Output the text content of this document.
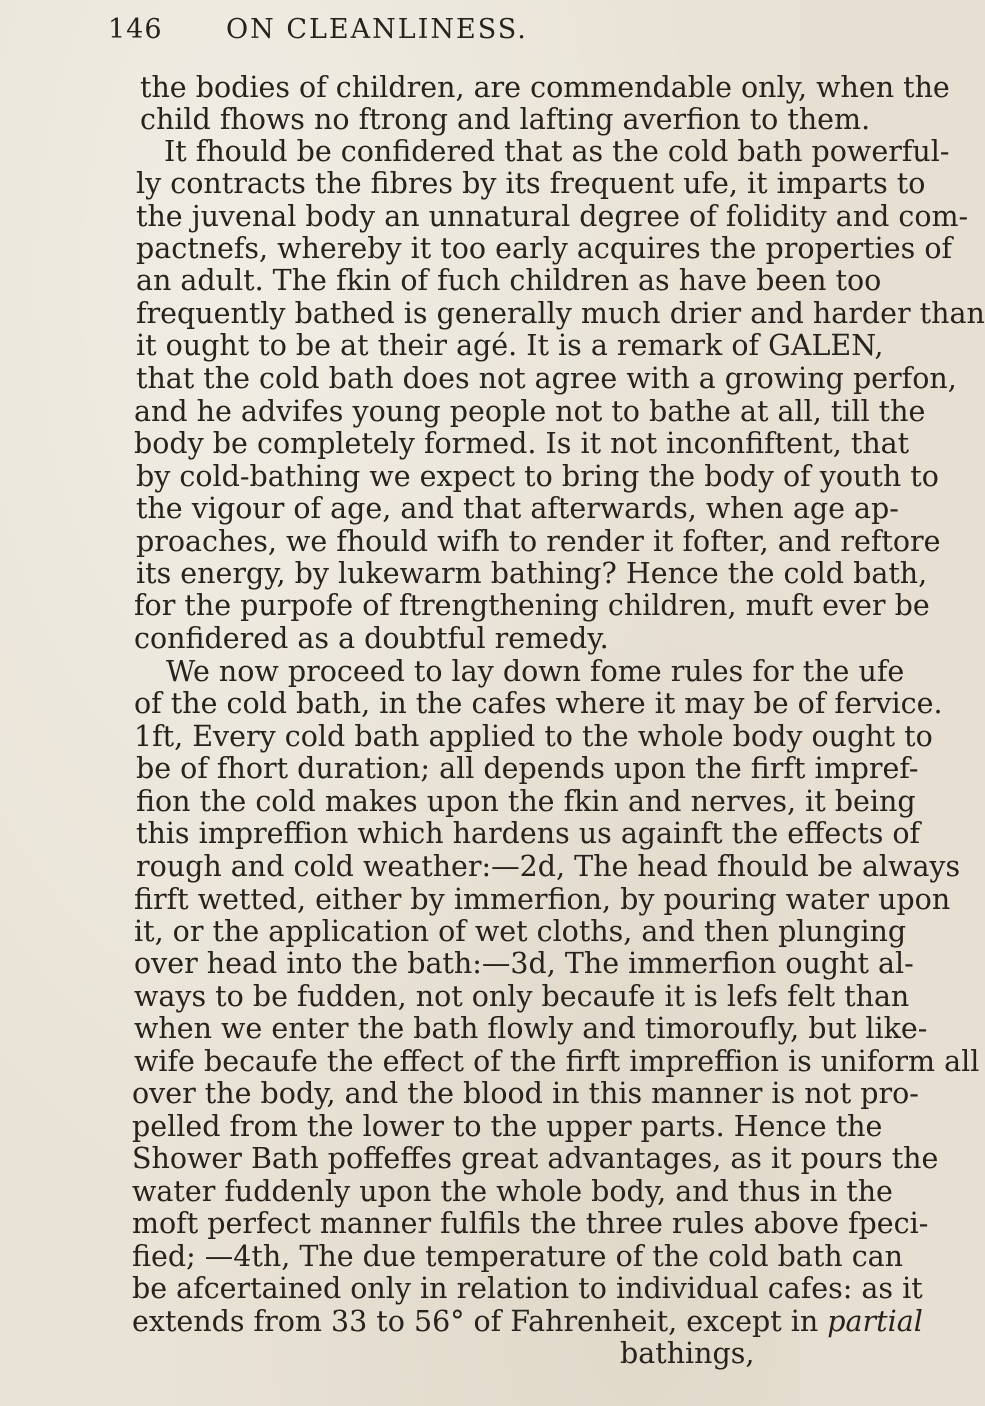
146 ON CLEANLINESS.
the bodies of children, are commendable only, when the
child fhows no ftrong and lafting averfion to them.
It fhould be confidered that as the cold bath powerful-
ly contracts the fibres by its frequent ufe, it imparts to
the juvenal body an unnatural degree of folidity and com-
pactnefs, whereby it too early acquires the properties of
an adult. The fkin of fuch children as have been too
frequently bathed is generally much drier and harder than
it ought to be at their agé. It is a remark of GALEN,
that the cold bath does not agree with a growing perfon,
and he advifes young people not to bathe at all, till the
body be completely formed. Is it not inconfiftent, that
by cold-bathing we expect to bring the body of youth to
the vigour of age, and that afterwards, when age ap-
proaches, we fhould wifh to render it fofter, and reftore
its energy, by lukewarm bathing? Hence the cold bath,
for the purpofe of ftrengthening children, muft ever be
confidered as a doubtful remedy.
We now proceed to lay down fome rules for the ufe
of the cold bath, in the cafes where it may be of fervice.
1ft, Every cold bath applied to the whole body ought to
be of fhort duration; all depends upon the firft impref-
fion the cold makes upon the fkin and nerves, it being
this impreffion which hardens us againft the effects of
rough and cold weather:—2d, The head fhould be always
firft wetted, either by immerfion, by pouring water upon
it, or the application of wet cloths, and then plunging
over head into the bath:—3d, The immerfion ought al-
ways to be fudden, not only becaufe it is lefs felt than
when we enter the bath flowly and timoroufly, but like-
wife becaufe the effect of the firft impreffion is uniform all
over the body, and the blood in this manner is not pro-
pelled from the lower to the upper parts. Hence the
Shower Bath poffeffes great advantages, as it pours the
water fuddenly upon the whole body, and thus in the
moft perfect manner fulfils the three rules above fpeci-
fied; —4th, The due temperature of the cold bath can
be afcertained only in relation to individual cafes: as it
extends from 33 to 56° of Fahrenheit, except in partial
bathings,
